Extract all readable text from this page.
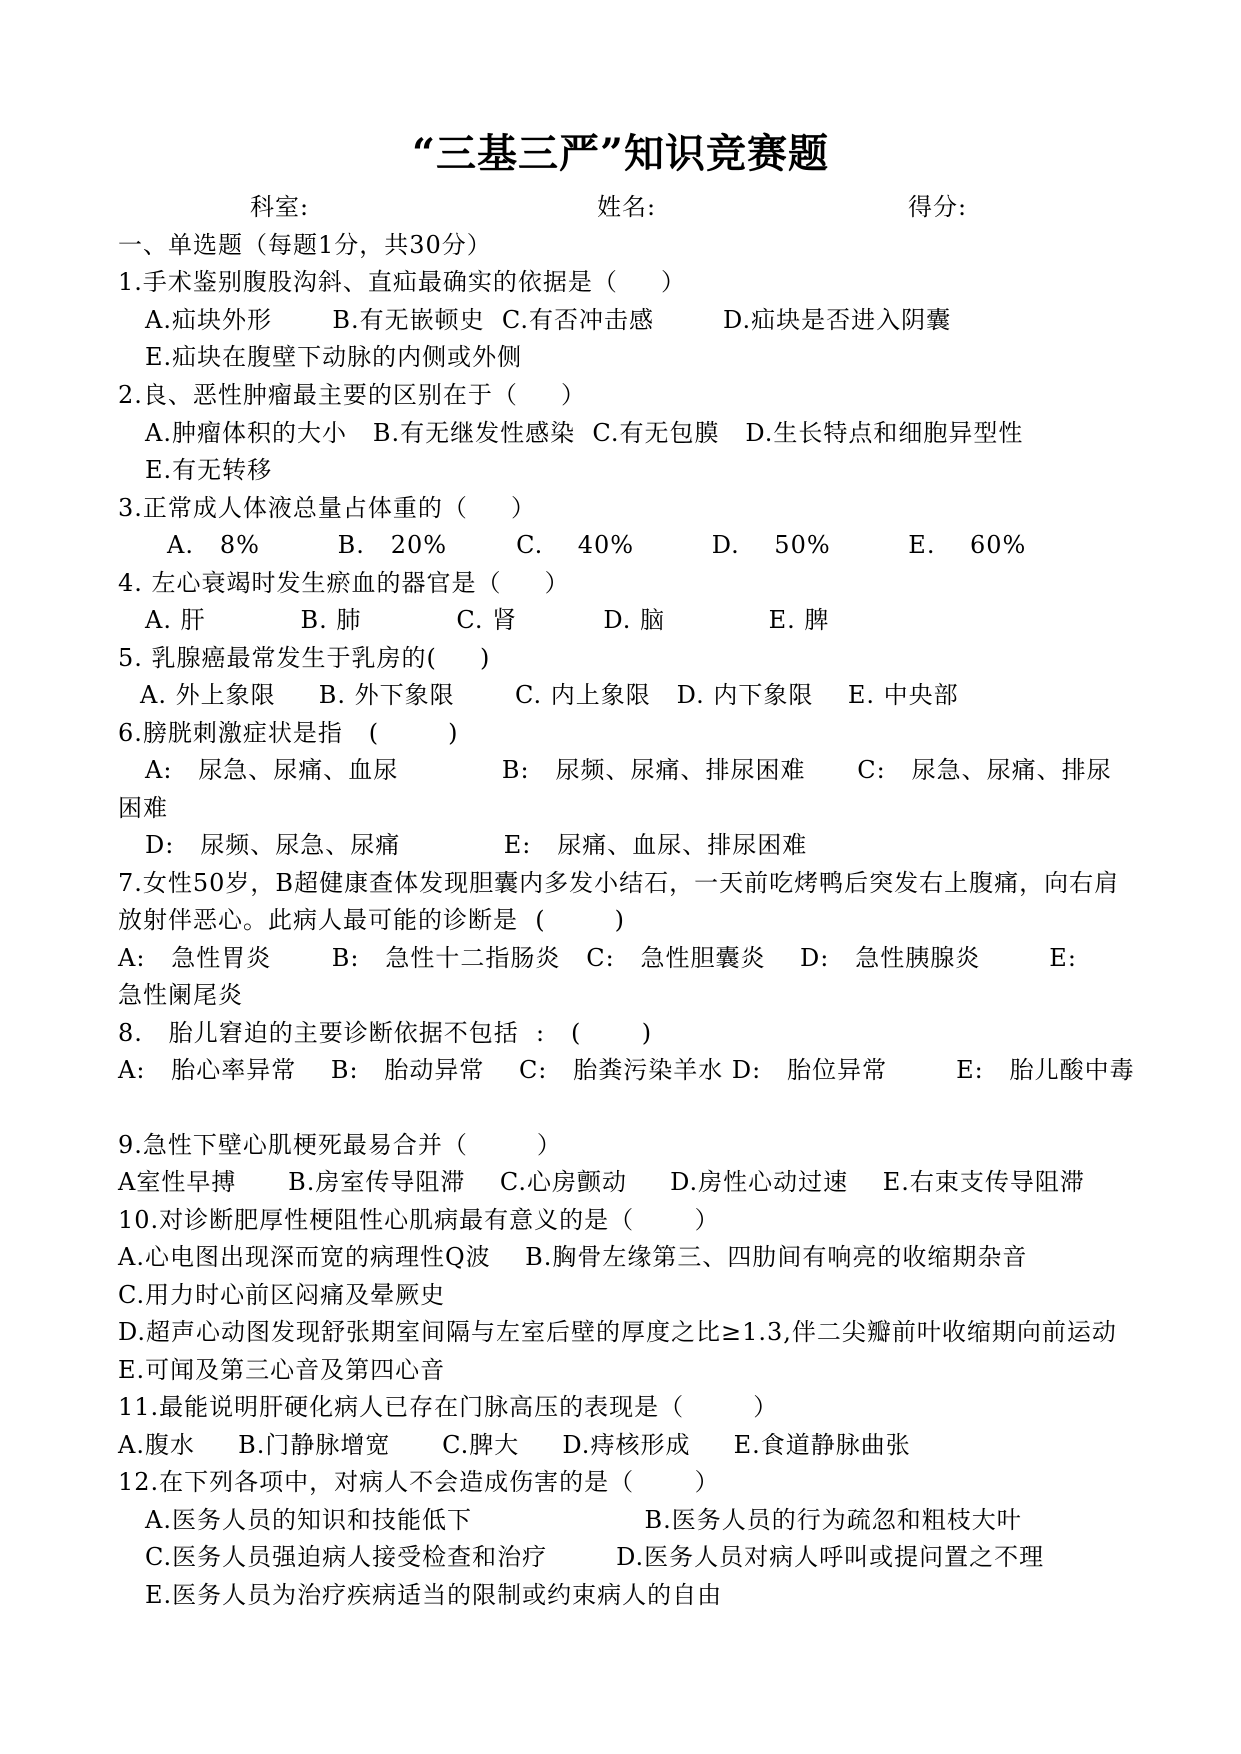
“三基三严”知识竞赛题
科室:	姓名:	得分:
一、单选题（每题1分，共30分）
1.手术鉴别腹股沟斜、直疝最确实的依据是（     ）
A.疝块外形       B.有无嵌顿史  C.有否冲击感        D.疝块是否进入阴囊
E.疝块在腹壁下动脉的内侧或外侧
2.良、恶性肿瘤最主要的区别在于（     ）
A.肿瘤体积的大小   B.有无继发性感染  C.有无包膜   D.生长特点和细胞异型性
E.有无转移
3.正常成人体液总量占体重的（     ）
A.   8%         B.   20%        C.    40%         D.    50%         E.    60%
4. 左心衰竭时发生瘀血的器官是（     ）
A. 肝           B. 肺           C. 肾          D. 脑            E. 脾
5. 乳腺癌最常发生于乳房的(     )
A. 外上象限     B. 外下象限       C. 内上象限   D. 内下象限    E. 中央部
6.膀胱刺激症状是指   (        )
A:   尿急、尿痛、血尿            B:   尿频、尿痛、排尿困难      C:   尿急、尿痛、排尿
困难
D:   尿频、尿急、尿痛            E:   尿痛、血尿、排尿困难
7.女性50岁，B超健康查体发现胆囊内多发小结石，一天前吃烤鸭后突发右上腹痛，向右肩
放射伴恶心。此病人最可能的诊断是  (        )
A:   急性胃炎       B:   急性十二指肠炎   C:   急性胆囊炎    D:   急性胰腺炎        E:
急性阑尾炎
8.   胎儿窘迫的主要诊断依据不包括  :   (       )
A:   胎心率异常    B:   胎动异常    C:   胎粪污染羊水 D:   胎位异常        E:   胎儿酸中毒
9.急性下壁心肌梗死最易合并（        ）
A室性早搏      B.房室传导阻滞    C.心房颤动     D.房性心动过速    E.右束支传导阻滞
10.对诊断肥厚性梗阻性心肌病最有意义的是（       ）
A.心电图出现深而宽的病理性Q波    B.胸骨左缘第三、四肋间有响亮的收缩期杂音
C.用力时心前区闷痛及晕厥史
D.超声心动图发现舒张期室间隔与左室后壁的厚度之比≥1.3,伴二尖瓣前叶收缩期向前运动
E.可闻及第三心音及第四心音
11.最能说明肝硬化病人已存在门脉高压的表现是（        ）
A.腹水     B.门静脉增宽      C.脾大     D.痔核形成     E.食道静脉曲张
12.在下列各项中，对病人不会造成伤害的是（       ）
A.医务人员的知识和技能低下                    B.医务人员的行为疏忽和粗枝大叶
C.医务人员强迫病人接受检查和治疗        D.医务人员对病人呼叫或提问置之不理
E.医务人员为治疗疾病适当的限制或约束病人的自由
